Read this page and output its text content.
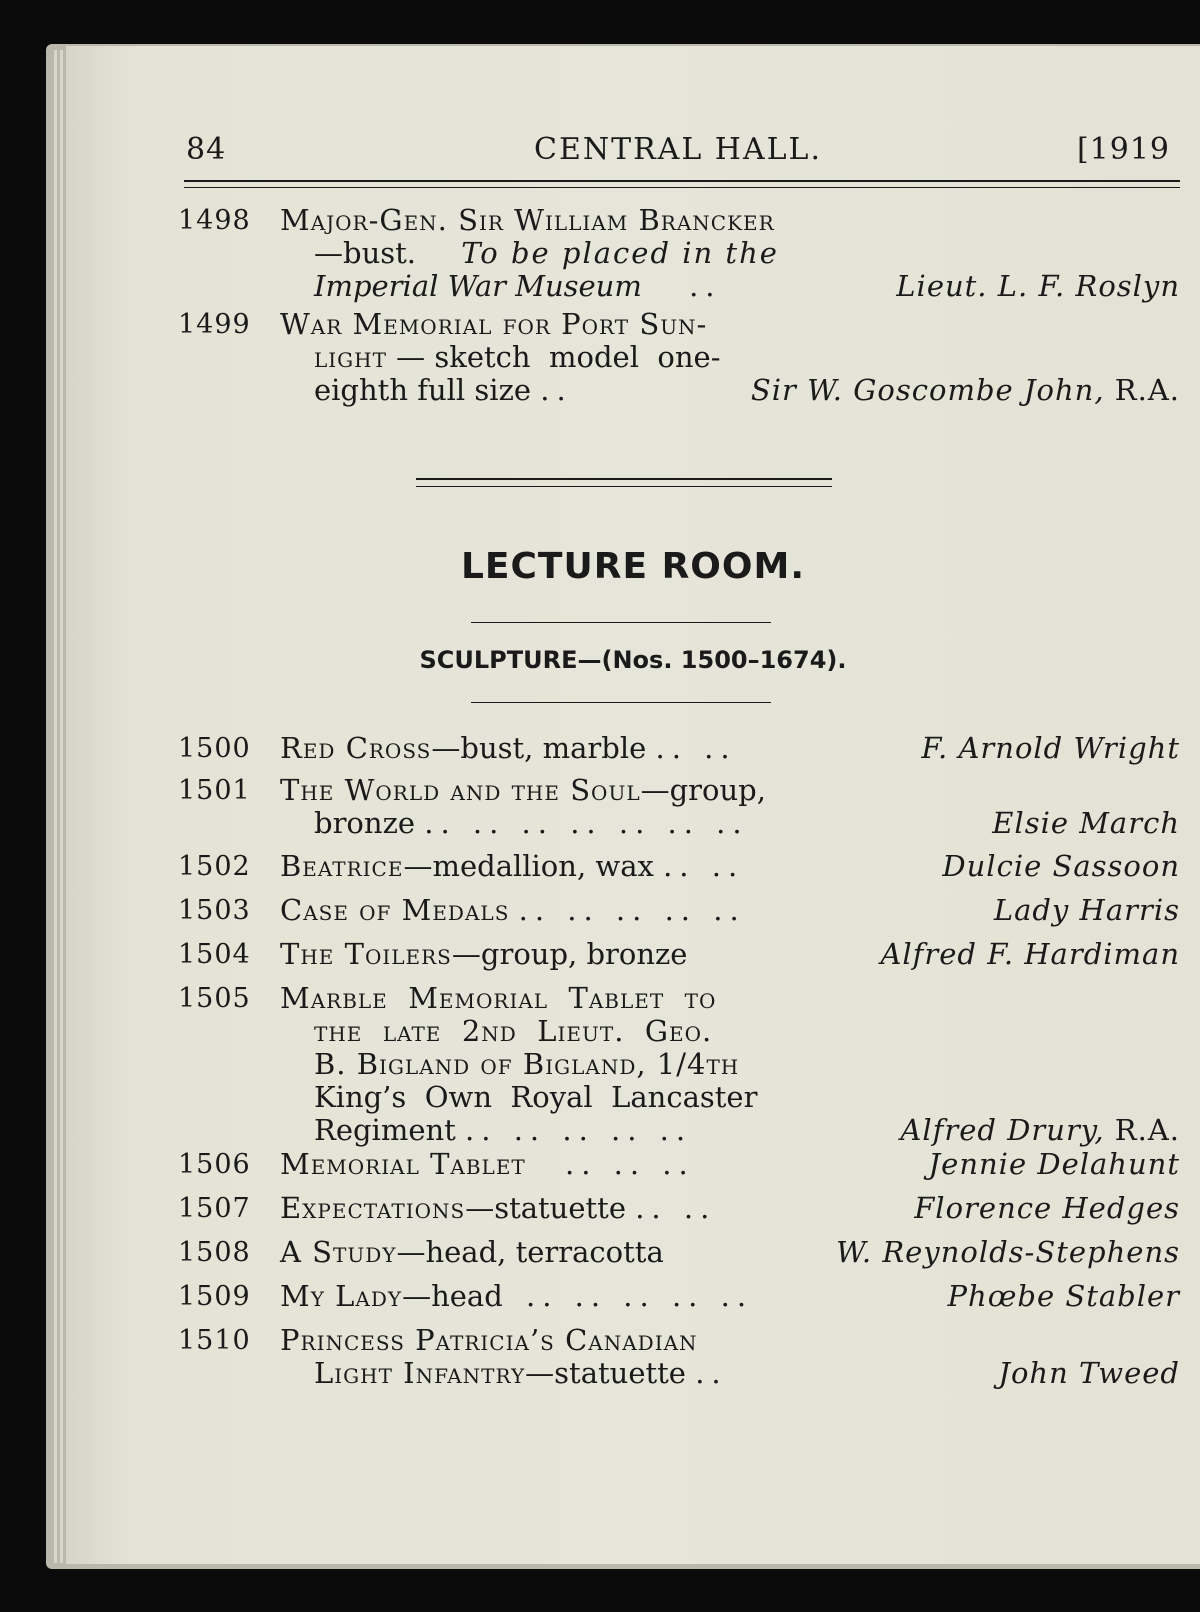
84	CENTRAL HALL.	[1919
1498 Major-Gen. Sir William Brancker
—bust. To be placed in the
Imperial War Museum ..	Lieut. L. F. Roslyn
1499 War Memorial for Port Sun-
light — sketch  model  one-
eighth full size ..	Sir W. Goscombe John, R.A.
LECTURE ROOM.
SCULPTURE—(Nos. 1500–1674).
1500 Red Cross—bust, marble .. ..	F. Arnold Wright
1501 The World and the Soul—group,
bronze .. .. .. .. .. .. ..	Elsie March
1502 Beatrice—medallion, wax .. ..	Dulcie Sassoon
1503 Case of Medals .. .. .. .. ..	Lady Harris
1504 The Toilers—group, bronze	Alfred F. Hardiman
1505 Marble  Memorial  Tablet  to
the  late  2nd  Lieut.  Geo.
B. Bigland of Bigland, 1/4th
King’s  Own  Royal  Lancaster
Regiment .. .. .. .. ..	Alfred Drury, R.A.
1506 Memorial Tablet .. .. ..	Jennie Delahunt
1507 Expectations—statuette .. ..	Florence Hedges
1508 A Study—head, terracotta	W. Reynolds-Stephens
1509 My Lady—head .. .. .. .. ..	Phœbe Stabler
1510 Princess Patricia’s Canadian
Light Infantry—statuette ..	John Tweed
